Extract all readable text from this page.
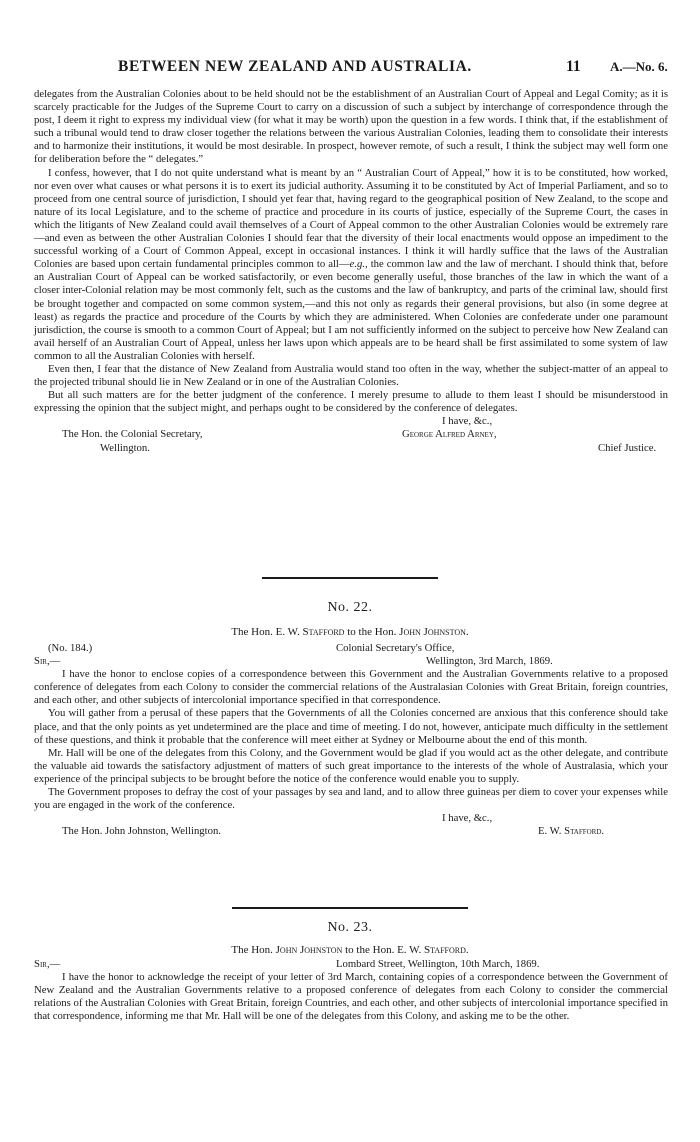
BETWEEN NEW ZEALAND AND AUSTRALIA.	11 A.—No. 6.

delegates from the Australian Colonies about to be held should not be the establishment of an Australian Court of Appeal and Legal Comity; as it is scarcely practicable for the Judges of the Supreme Court to carry on a discussion of such a subject by interchange of correspondence through the post, I deem it right to express my individual view (for what it may be worth) upon the question in a few words. I think that, if the establishment of such a tribunal would tend to draw closer together the relations between the various Australian Colonies, leading them to consolidate their interests and to harmonize their institutions, it would be most desirable. In prospect, however remote, of such a result, I think the subject may well form one for deliberation before the “ delegates.”

I confess, however, that I do not quite understand what is meant by an “ Australian Court of Appeal,” how it is to be constituted, how worked, nor even over what causes or what persons it is to exert its judicial authority. Assuming it to be constituted by Act of Imperial Parliament, and so to proceed from one central source of jurisdiction, I should yet fear that, having regard to the geographical position of New Zealand, to the scope and nature of its local Legislature, and to the scheme of practice and procedure in its courts of justice, especially of the Supreme Court, the cases in which the litigants of New Zealand could avail themselves of a Court of Appeal common to the other Australian Colonies would be extremely rare—and even as between the other Australian Colonies I should fear that the diversity of their local enactments would oppose an impediment to the successful working of a Court of Common Appeal, except in occasional instances. I think it will hardly suffice that the laws of the Australian Colonies are based upon certain fundamental principles common to all—e.g., the common law and the law of merchant. I should think that, before an Australian Court of Appeal can be worked satisfactorily, or even become generally useful, those branches of the law in which the want of a closer inter-Colonial relation may be most commonly felt, such as the customs and the law of bankruptcy, and parts of the criminal law, should first be brought together and compacted on some common system,—and this not only as regards their general provisions, but also (in some degree at least) as regards the practice and procedure of the Courts by which they are administered. When Colonies are confederate under one paramount jurisdiction, the course is smooth to a common Court of Appeal; but I am not sufficiently informed on the subject to perceive how New Zealand can avail herself of an Australian Court of Appeal, unless her laws upon which appeals are to be heard shall be first assimilated to some system of law common to all the Australian Colonies with herself.

Even then, I fear that the distance of New Zealand from Australia would stand too often in the way, whether the subject-matter of an appeal to the projected tribunal should lie in New Zealand or in one of the Australian Colonies.

But all such matters are for the better judgment of the conference. I merely presume to allude to them least I should be misunderstood in expressing the opinion that the subject might, and perhaps ought to be considered by the conference of delegates.

I have, &c.,
The Hon. the Colonial Secretary,	George Alfred Arney,
Wellington.	Chief Justice.
No. 22.
The Hon. E. W. Stafford to the Hon. John Johnston.
(No. 184.)	Colonial Secretary's Office,
Sir,—	Wellington, 3rd March, 1869.

I have the honor to enclose copies of a correspondence between this Government and the Australian Governments relative to a proposed conference of delegates from each Colony to consider the commercial relations of the Australasian Colonies with Great Britain, foreign countries, and each other, and other subjects of intercolonial importance specified in that correspondence.

You will gather from a perusal of these papers that the Governments of all the Colonies concerned are anxious that this conference should take place, and that the only points as yet undetermined are the place and time of meeting. I do not, however, anticipate much difficulty in the settlement of these questions, and think it probable that the conference will meet either at Sydney or Melbourne about the end of this month.

Mr. Hall will be one of the delegates from this Colony, and the Government would be glad if you would act as the other delegate, and contribute the valuable aid towards the satisfactory adjustment of matters of such great importance to the interests of the whole of Australasia, which your experience of the principal subjects to be brought before the notice of the conference would enable you to supply.

The Government proposes to defray the cost of your passages by sea and land, and to allow three guineas per diem to cover your expenses while you are engaged in the work of the conference.

I have, &c.,
The Hon. John Johnston, Wellington.	E. W. Stafford.
No. 23.
The Hon. John Johnston to the Hon. E. W. Stafford.
Sir,—	Lombard Street, Wellington, 10th March, 1869.

I have the honor to acknowledge the receipt of your letter of 3rd March, containing copies of a correspondence between the Government of New Zealand and the Australian Governments relative to a proposed conference of delegates from each Colony to consider the commercial relations of the Australian Colonies with Great Britain, foreign Countries, and each other, and other subjects of intercolonial importance specified in that correspondence, informing me that Mr. Hall will be one of the delegates from this Colony, and asking me to be the other.
